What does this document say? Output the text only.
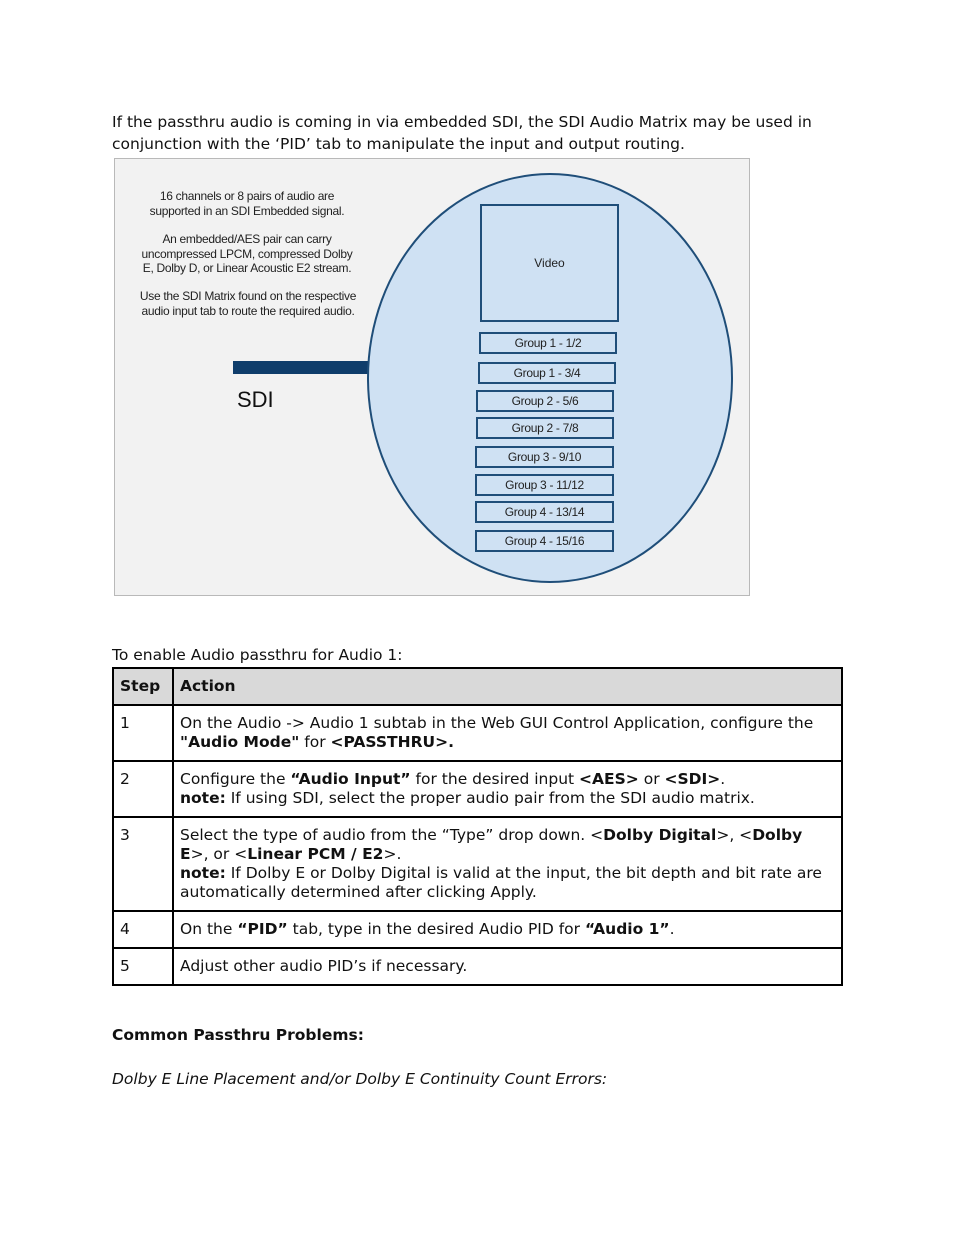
If the passthru audio is coming in via embedded SDI, the SDI Audio Matrix may be used in
conjunction with the ‘PID’ tab to manipulate the input and output routing.

16 channels or 8 pairs of audio are
supported in an SDI Embedded signal.
An embedded/AES pair can carry
uncompressed LPCM, compressed Dolby
E, Dolby D, or Linear Acoustic E2 stream.
Use the SDI Matrix found on the respective
audio input tab to route the required audio.
SDI
Video
Group 1 - 1/2
Group 1 - 3/4
Group 2 - 5/6
Group 2 - 7/8
Group 3 - 9/10
Group 3 - 11/12
Group 4 - 13/14
Group 4 - 15/16

To enable Audio passthru for Audio 1:

Step	Action
1	On the Audio -> Audio 1 subtab in the Web GUI Control Application, configure the
"Audio Mode" for <PASSTHRU>.
2	Configure the “Audio Input” for the desired input <AES> or <SDI>.
note: If using SDI, select the proper audio pair from the SDI audio matrix.
3	Select the type of audio from the “Type” drop down. <Dolby Digital>, <Dolby E>, or <Linear PCM / E2>.
note: If Dolby E or Dolby Digital is valid at the input, the bit depth and bit rate are automatically determined after clicking Apply.
4	On the “PID” tab, type in the desired Audio PID for “Audio 1”.
5	Adjust other audio PID’s if necessary.
Common Passthru Problems:
Dolby E Line Placement and/or Dolby E Continuity Count Errors:
